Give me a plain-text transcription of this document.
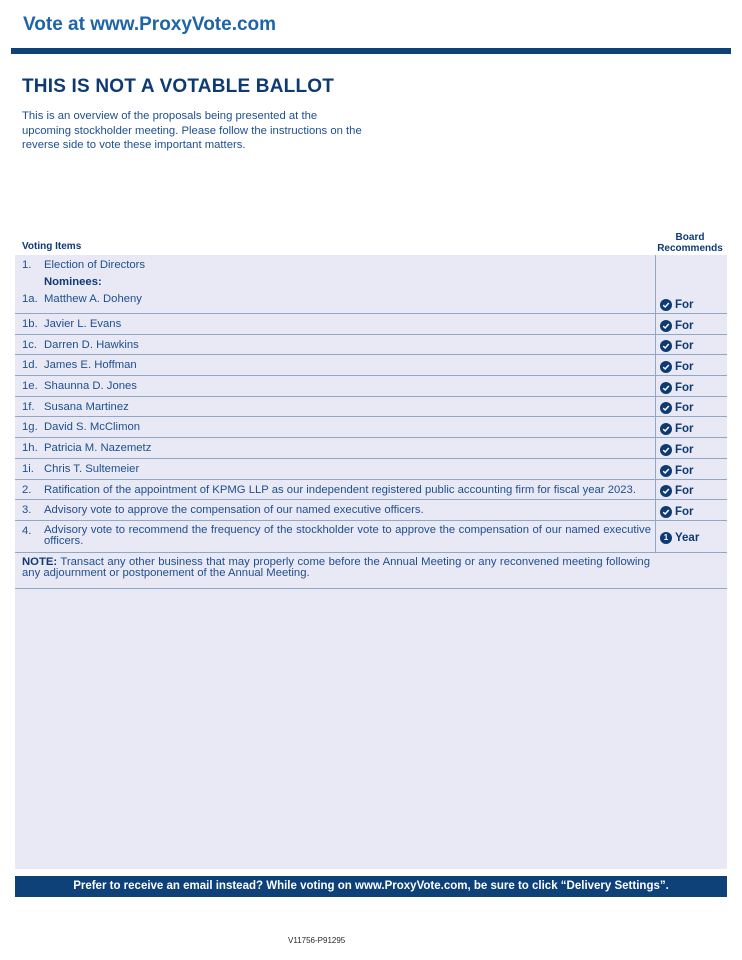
Vote at www.ProxyVote.com
THIS IS NOT A VOTABLE BALLOT

This is an overview of the proposals being presented at the upcoming stockholder meeting. Please follow the instructions on the reverse side to vote these important matters.

Voting Items
Board
Recommends
1. Election of Directors
Nominees:
1a. Matthew A. Doheny	For
1b. Javier L. Evans	For
1c. Darren D. Hawkins	For
1d. James E. Hoffman	For
1e. Shaunna D. Jones	For
1f. Susana Martinez	For
1g. David S. McClimon	For
1h. Patricia M. Nazemetz	For
1i. Chris T. Sultemeier	For
2. Ratification of the appointment of KPMG LLP as our independent registered public accounting firm for fiscal year 2023.	For
3. Advisory vote to approve the compensation of our named executive officers.	For
4.	Advisory vote to recommend the frequency of the stockholder vote to approve the compensation of our named executive officers.	1 Year
NOTE: Transact any other business that may properly come before the Annual Meeting or any reconvened meeting following any adjournment or postponement of the Annual Meeting.
Prefer to receive an email instead? While voting on www.ProxyVote.com, be sure to click “Delivery Settings”.
V11756-P91295
